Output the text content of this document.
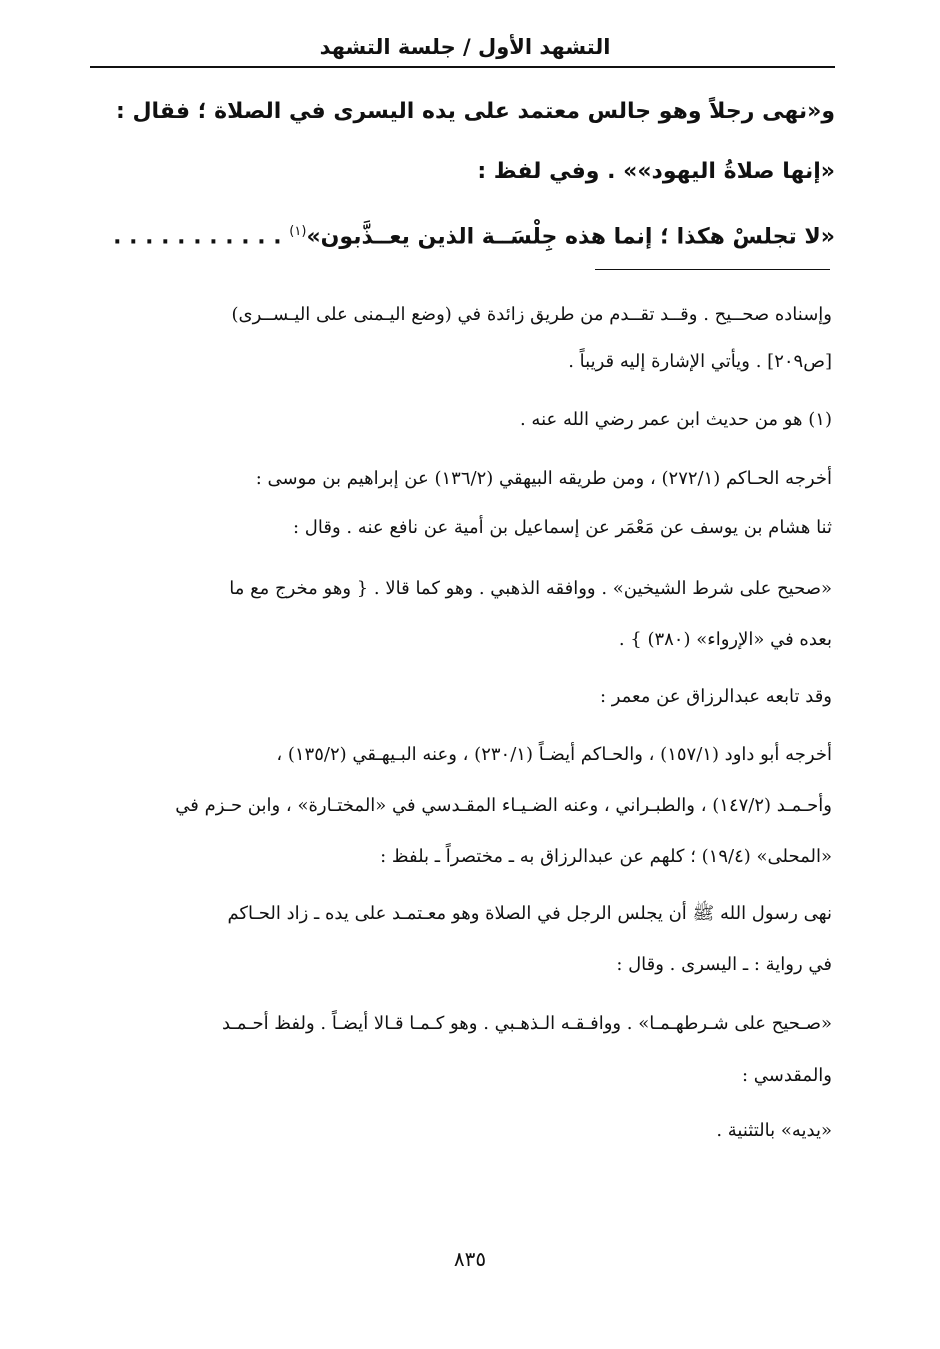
التشهد الأول / جلسة التشهد
و«نهى رجلاً وهو جالس معتمد على يده اليسرى في الصلاة ؛ فقال :
«إنها صلاةُ اليهود»» . وفي لفظ :
«لا تجلسْ هكذا ؛ إنما هذه جِلْسَــة الذين يعــذَّبون»$^{(١)}$ . . . . . . . . . . .
وإسناده صحــيح . وقــد تقــدم من طريق زائدة في (وضع اليـمنى على اليـســرى)
[ص٢٠٩] . ويأتي الإشارة إليه قريباً .
(١) هو من حديث ابن عمر رضي الله عنه .
أخرجه الحـاكم (٢٧٢/١) ، ومن طريقه البيهقي (١٣٦/٢) عن إبراهيم بن موسى :
ثنا هشام بن يوسف عن مَعْمَر عن إسماعيل بن أمية عن نافع عنه . وقال :
«صحيح على شرط الشيخين» . ووافقه الذهبي . وهو كما قالا . { وهو مخرج مع ما
بعده في «الإرواء» (٣٨٠) } .
وقد تابعه عبدالرزاق عن معمر :
أخرجه أبو داود (١٥٧/١) ، والحـاكم أيضـاً (٢٣٠/١) ، وعنه البـيهـقي (١٣٥/٢) ،
وأحـمـد (١٤٧/٢) ، والطبـراني ، وعنه الضـيـاء المقـدسي في «المختـارة» ، وابن حـزم في
«المحلى» (١٩/٤) ؛ كلهم عن عبدالرزاق به ـ مختصراً ـ بلفظ :
نهى رسول الله ﷺ أن يجلس الرجل في الصلاة وهو معـتمـد على يده ـ زاد الحـاكم
في رواية : ـ اليسرى . وقال :
«صـحيح على شـرطهـمـا» . ووافـقـه الـذهـبي . وهو كـمـا قـالا أيضـاً . ولفظ أحـمـد
والمقدسي :
«يديه» بالتثنية .
٨٣٥
